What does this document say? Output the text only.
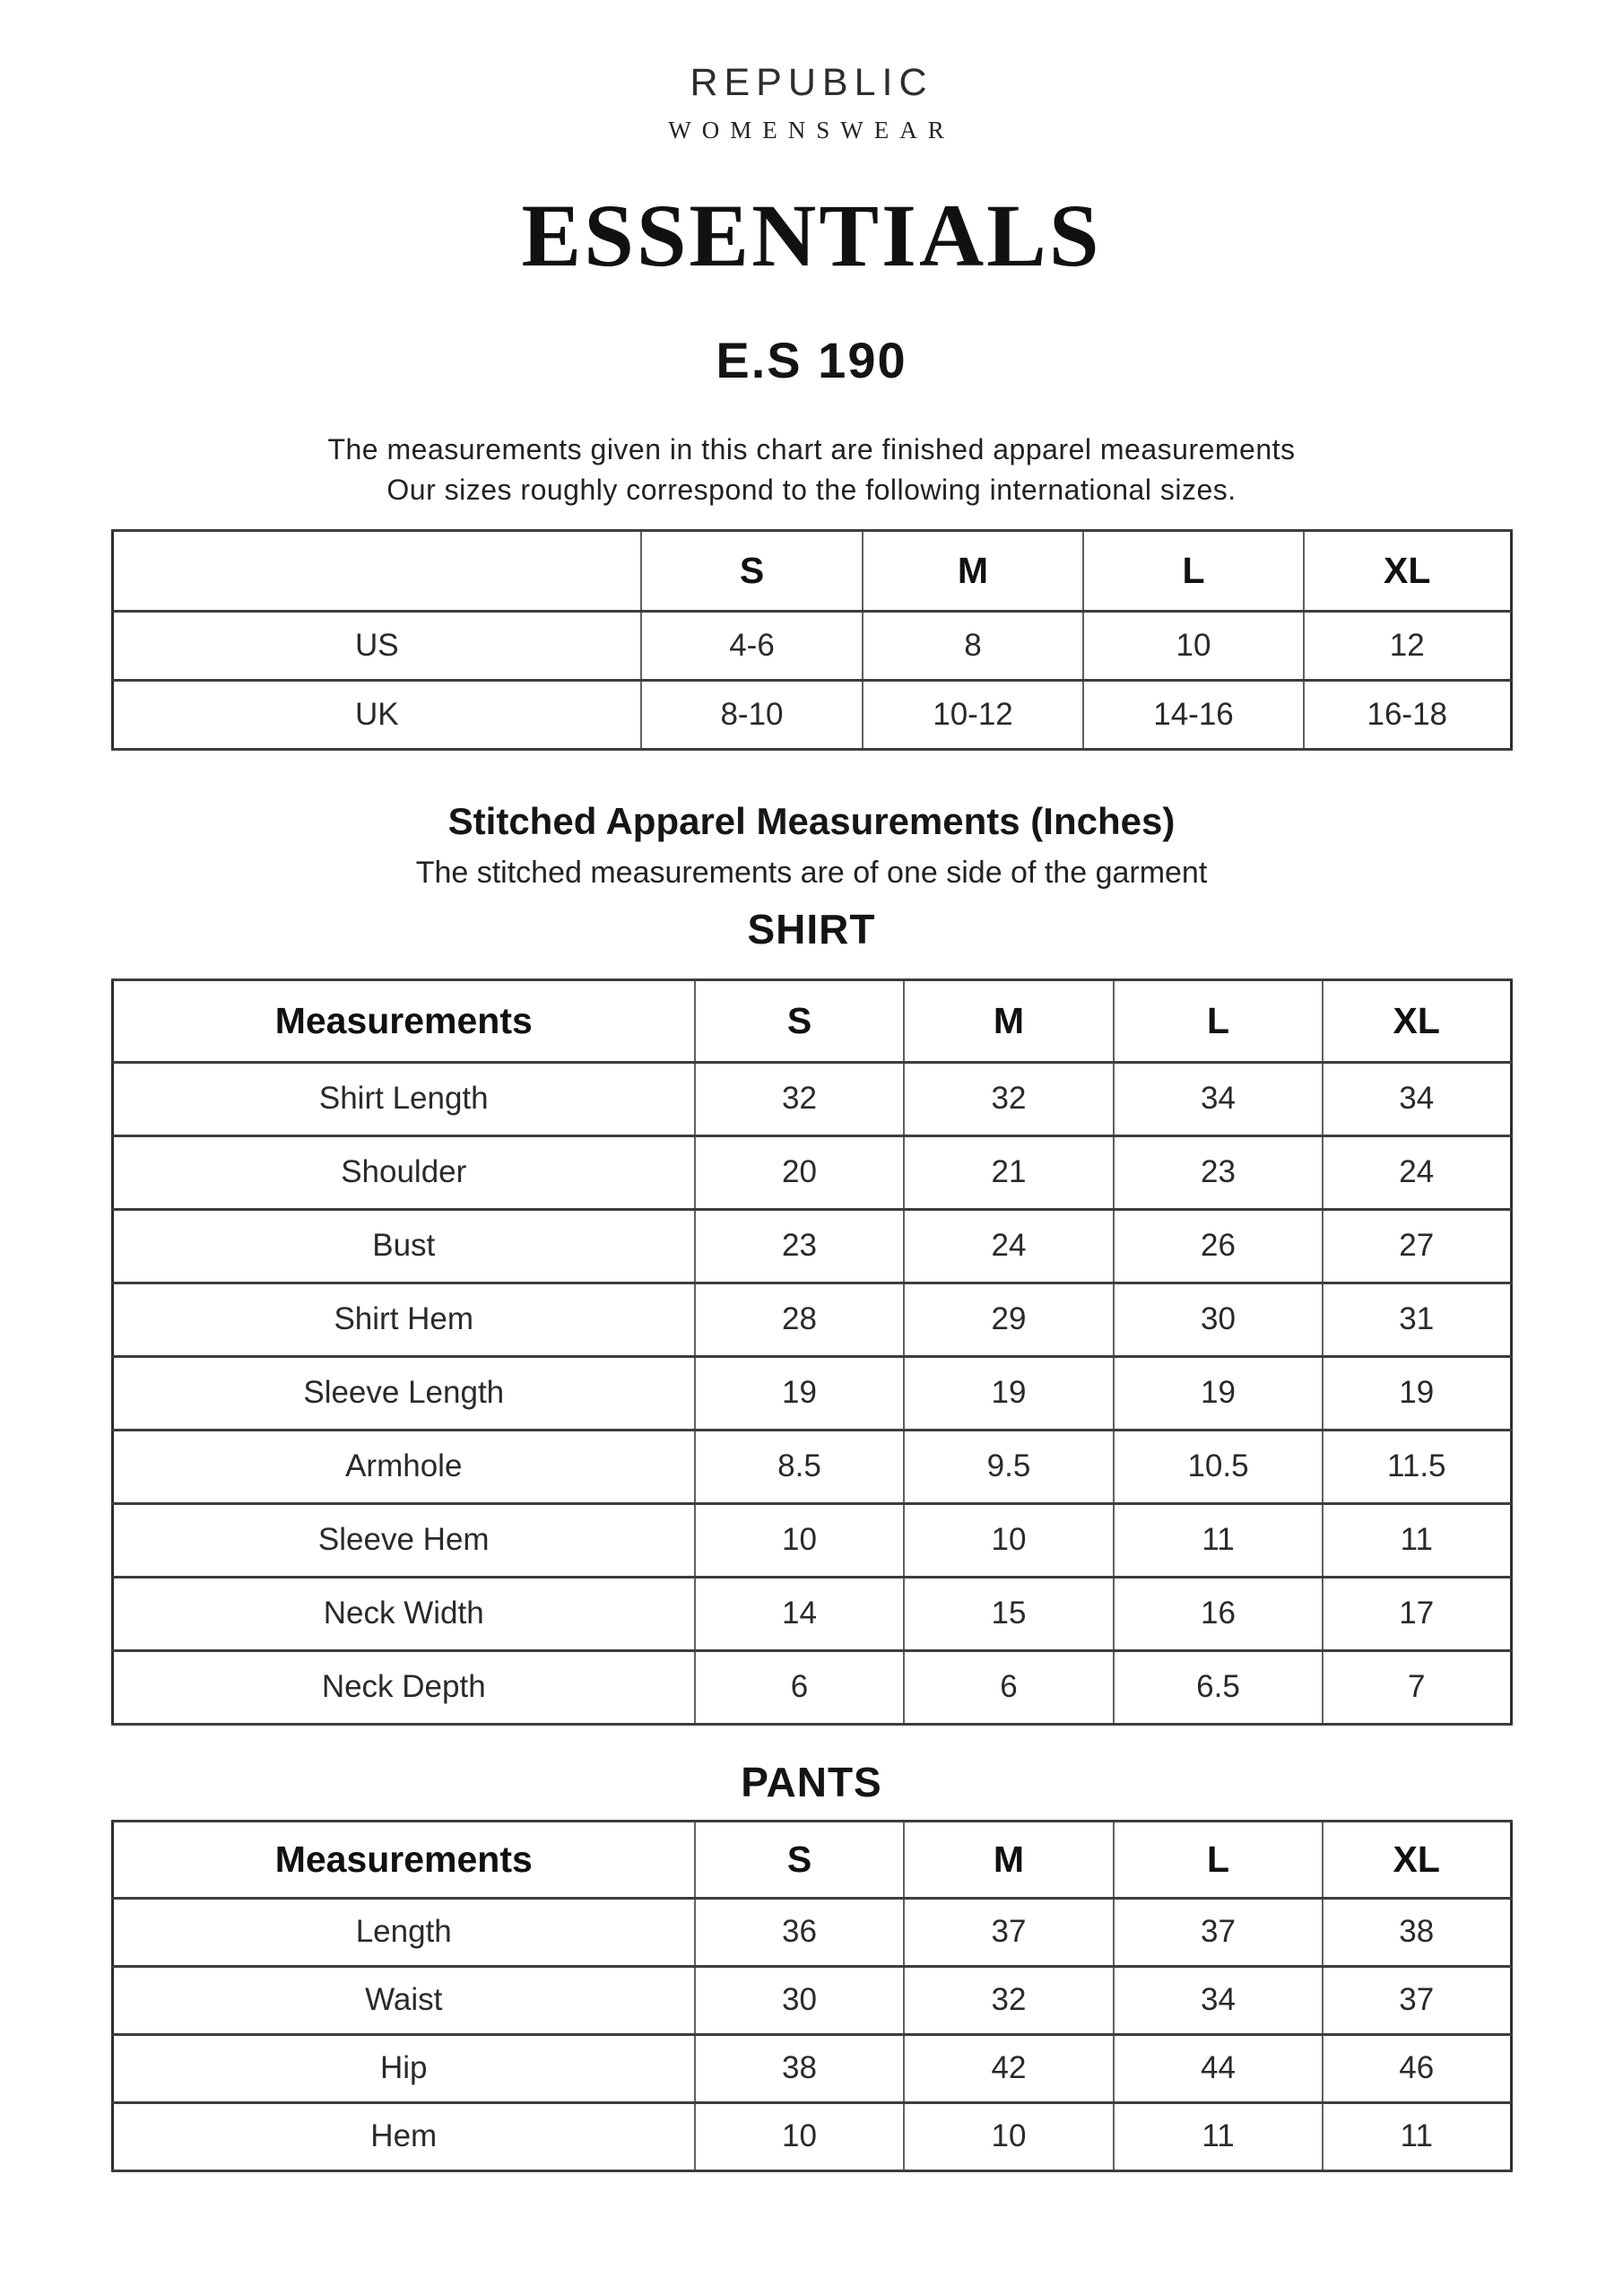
REPUBLIC
WOMENSWEAR
ESSENTIALS
E.S 190
The measurements given in this chart are finished apparel measurements
Our sizes roughly correspond to the following international sizes.
	S	M	L	XL
US	4-6	8	10	12
UK	8-10	10-12	14-16	16-18
Stitched Apparel Measurements (Inches)
The stitched measurements are of one side of the garment
SHIRT
Measurements	S	M	L	XL
Shirt Length	32	32	34	34
Shoulder	20	21	23	24
Bust	23	24	26	27
Shirt Hem	28	29	30	31
Sleeve Length	19	19	19	19
Armhole	8.5	9.5	10.5	11.5
Sleeve Hem	10	10	11	11
Neck Width	14	15	16	17
Neck Depth	6	6	6.5	7
PANTS
Measurements	S	M	L	XL
Length	36	37	37	38
Waist	30	32	34	37
Hip	38	42	44	46
Hem	10	10	11	11
